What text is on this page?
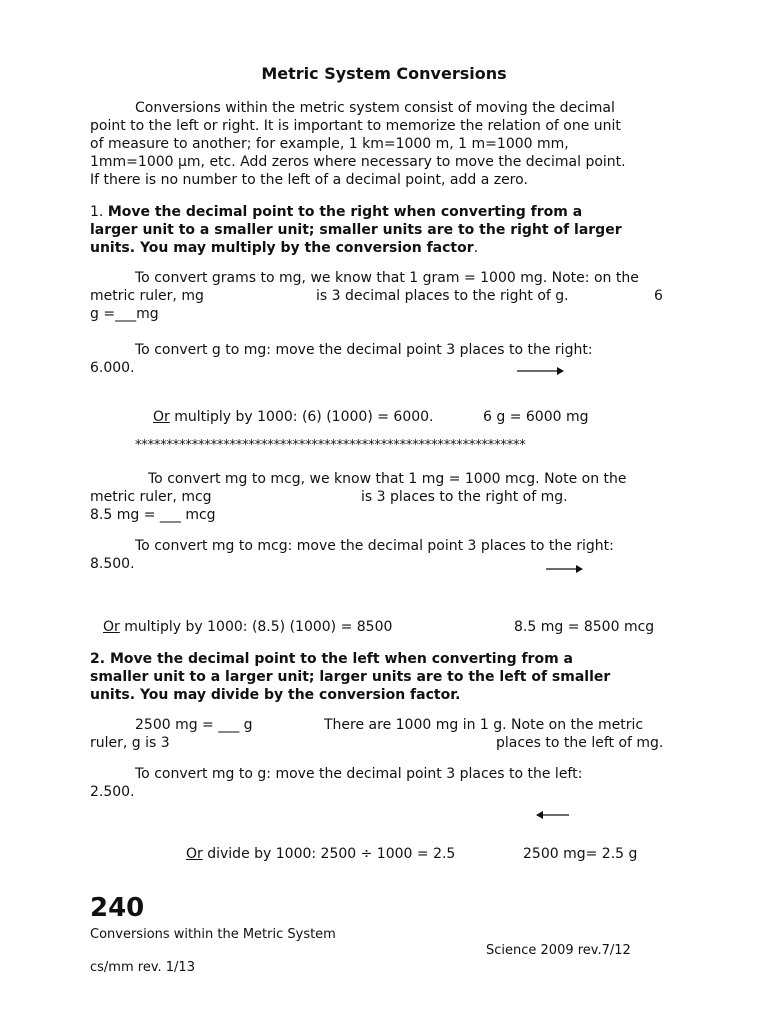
Metric System Conversions
Conversions within the metric system consist of moving the decimal
point to the left or right. It is important to memorize the relation of one unit
of measure to another; for example, 1 km=1000 m, 1 m=1000 mm,
1mm=1000 µm, etc. Add zeros where necessary to move the decimal point.
If there is no number to the left of a decimal point, add a zero.
1. Move the decimal point to the right when converting from a
larger unit to a smaller unit; smaller units are to the right of larger
units. You may multiply by the conversion factor.
To convert grams to mg, we know that 1 gram = 1000 mg. Note: on the
metric ruler, mg	is 3 decimal places to the right of g.	6
g =___mg
To convert g to mg: move the decimal point 3 places to the right:
6.000.
Or multiply by 1000: (6) (1000) = 6000.	6 g = 6000 mg
**************************************************************
To convert mg to mcg, we know that 1 mg = 1000 mcg. Note on the
metric ruler, mcg	is 3 places to the right of mg.
8.5 mg = ___ mcg
To convert mg to mcg: move the decimal point 3 places to the right:
8.500.
Or multiply by 1000: (8.5) (1000) = 8500	8.5 mg = 8500 mcg
2. Move the decimal point to the left when converting from a
smaller unit to a larger unit; larger units are to the left of smaller
units. You may divide by the conversion factor.
2500 mg = ___ g	There are 1000 mg in 1 g. Note on the metric
ruler, g is 3	places to the left of mg.
To convert mg to g: move the decimal point 3 places to the left:
2.500.
Or divide by 1000: 2500 ÷ 1000 = 2.5	2500 mg= 2.5 g
240
Conversions within the Metric System
Science 2009 rev.7/12
cs/mm rev. 1/13
